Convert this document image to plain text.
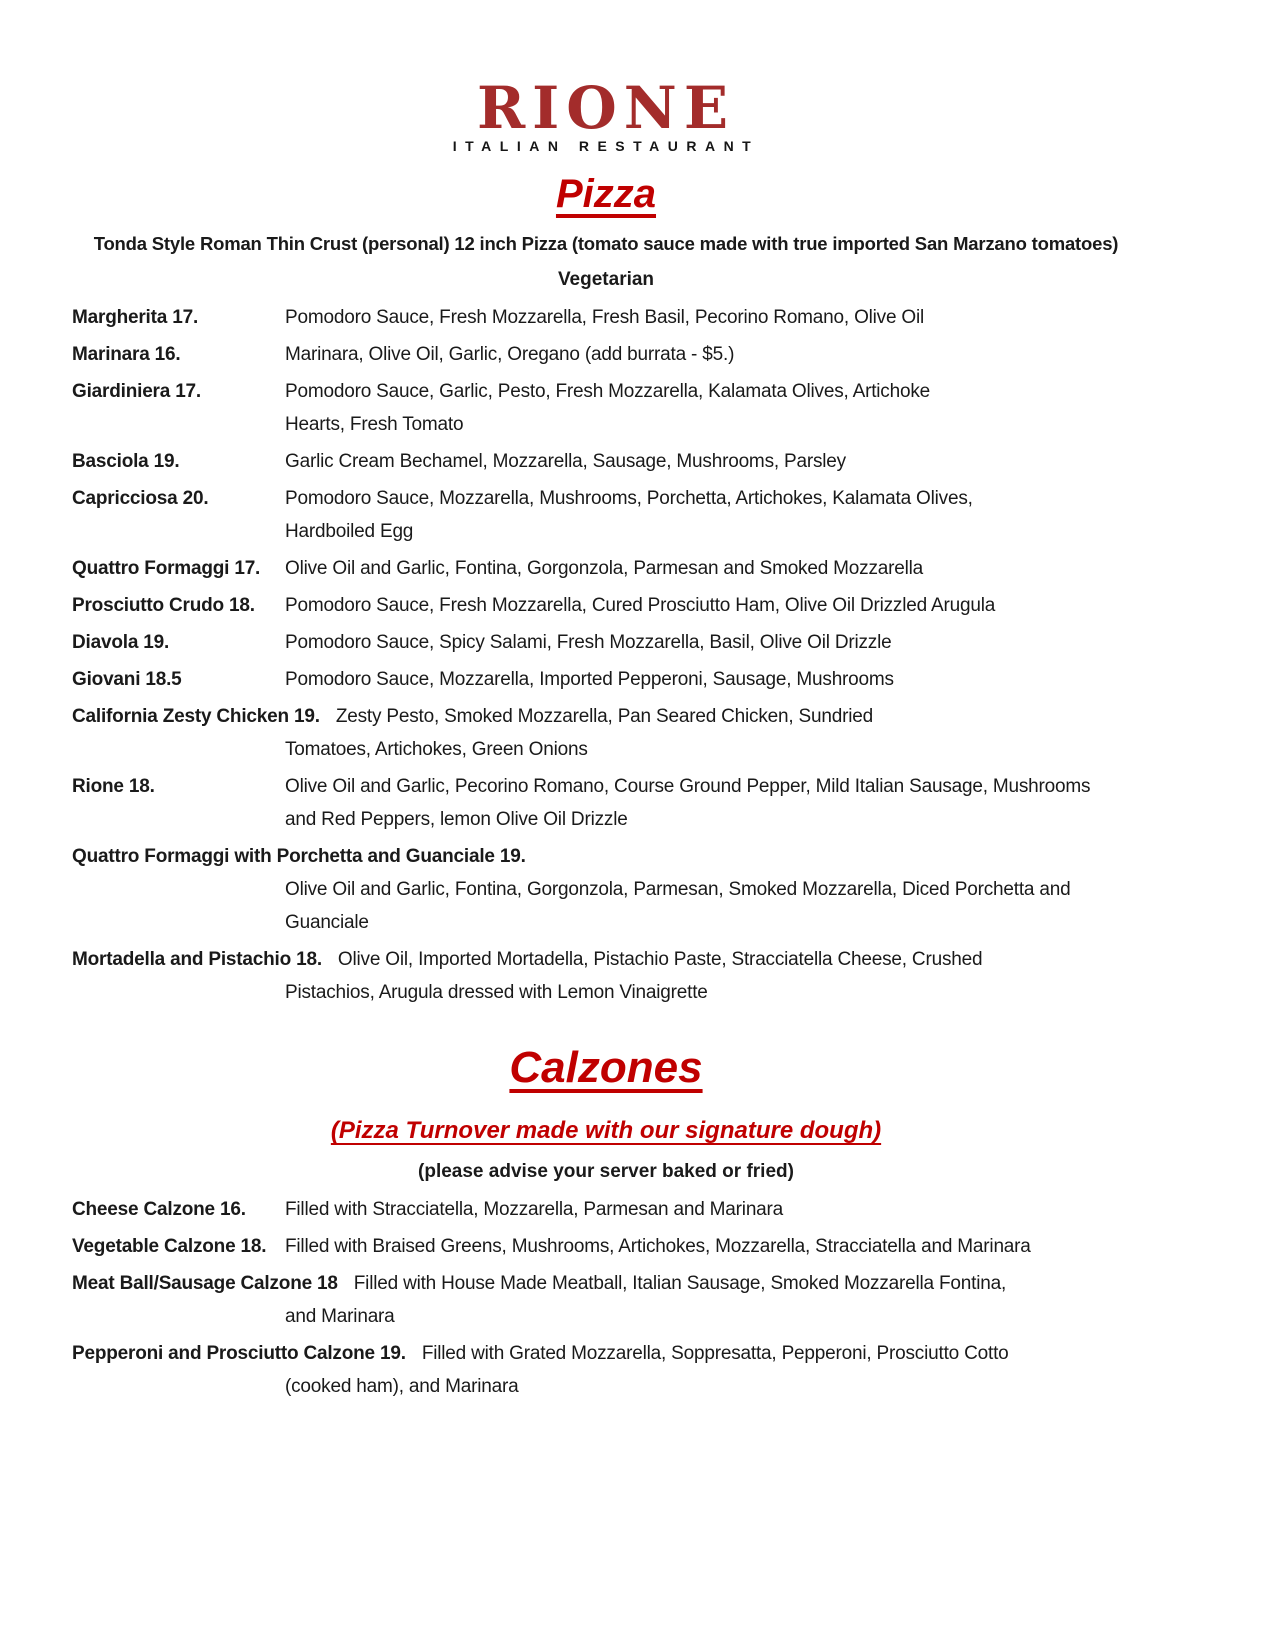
RIONE
ITALIAN RESTAURANT
Pizza

Tonda Style Roman Thin Crust (personal) 12 inch Pizza (tomato sauce made with true imported San Marzano tomatoes)

Vegetarian

Margherita 17.	Pomodoro Sauce, Fresh Mozzarella, Fresh Basil, Pecorino Romano, Olive Oil
Marinara 16.	Marinara, Olive Oil, Garlic, Oregano (add burrata - $5.)
Giardiniera 17.	Pomodoro Sauce, Garlic, Pesto, Fresh Mozzarella, Kalamata Olives, Artichoke
Hearts, Fresh Tomato
Basciola 19.	Garlic Cream Bechamel, Mozzarella, Sausage, Mushrooms, Parsley
Capricciosa 20.	Pomodoro Sauce, Mozzarella, Mushrooms, Porchetta, Artichokes, Kalamata Olives,
Hardboiled Egg
Quattro Formaggi 17.	Olive Oil and Garlic, Fontina, Gorgonzola, Parmesan and Smoked Mozzarella
Prosciutto Crudo 18.	Pomodoro Sauce, Fresh Mozzarella, Cured Prosciutto Ham, Olive Oil Drizzled Arugula
Diavola 19.	Pomodoro Sauce, Spicy Salami, Fresh Mozzarella, Basil, Olive Oil Drizzle
Giovani 18.5	Pomodoro Sauce, Mozzarella, Imported Pepperoni, Sausage, Mushrooms
California Zesty Chicken 19. Zesty Pesto, Smoked Mozzarella, Pan Seared Chicken, Sundried
Tomatoes, Artichokes, Green Onions
Rione 18.	Olive Oil and Garlic, Pecorino Romano, Course Ground Pepper, Mild Italian Sausage, Mushrooms
and Red Peppers, lemon Olive Oil Drizzle
Quattro Formaggi with Porchetta and Guanciale 19.
Olive Oil and Garlic, Fontina, Gorgonzola, Parmesan, Smoked Mozzarella, Diced Porchetta and
Guanciale
Mortadella and Pistachio 18. Olive Oil, Imported Mortadella, Pistachio Paste, Stracciatella Cheese, Crushed
Pistachios, Arugula dressed with Lemon Vinaigrette
Calzones

(Pizza Turnover made with our signature dough)

(please advise your server baked or fried)

Cheese Calzone 16.	Filled with Stracciatella, Mozzarella, Parmesan and Marinara
Vegetable Calzone 18. Filled with Braised Greens, Mushrooms, Artichokes, Mozzarella, Stracciatella and Marinara
Meat Ball/Sausage Calzone 18 Filled with House Made Meatball, Italian Sausage, Smoked Mozzarella Fontina,
and Marinara
Pepperoni and Prosciutto Calzone 19. Filled with Grated Mozzarella, Soppresatta, Pepperoni, Prosciutto Cotto
(cooked ham), and Marinara
